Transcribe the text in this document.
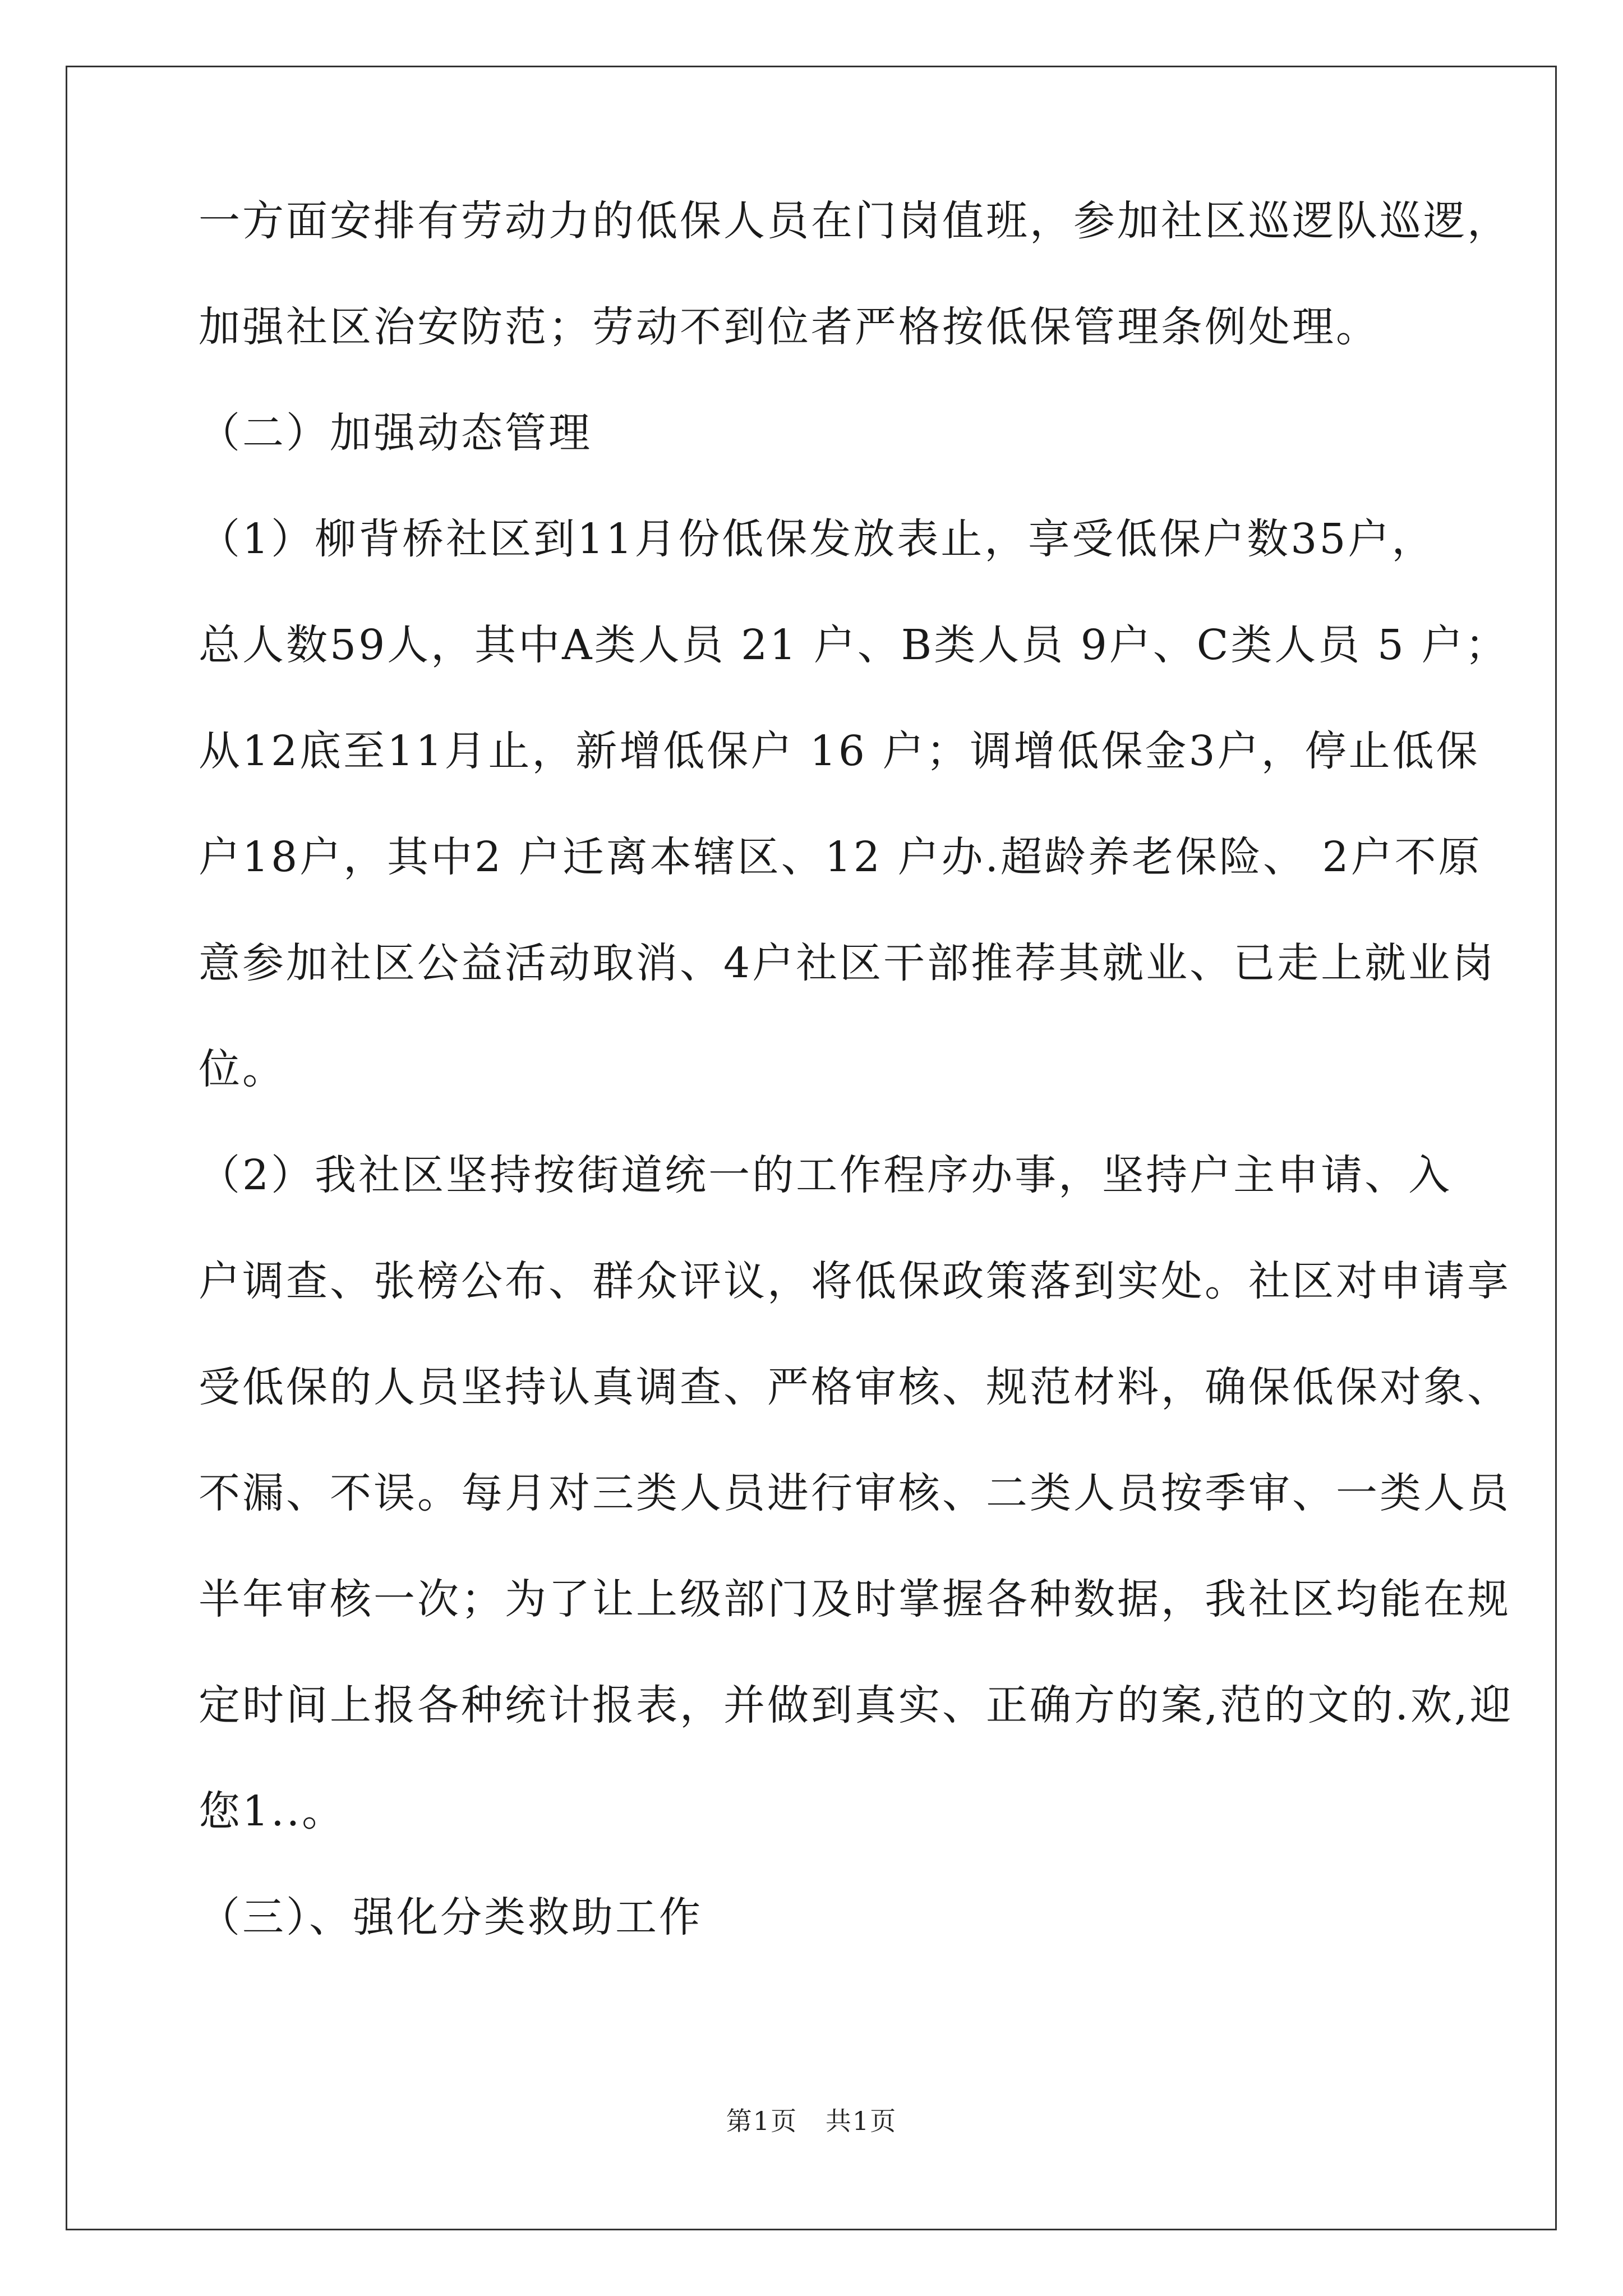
一方面安排有劳动力的低保人员在门岗值班，参加社区巡逻队巡逻，
加强社区治安防范；劳动不到位者严格按低保管理条例处理。
（二）加强动态管理
（1）柳背桥社区到11月份低保发放表止，享受低保户数35户，
总人数59人，其中A类人员 21 户、B类人员 9户、C类人员 5 户；
从12底至11月止，新增低保户 16 户；调增低保金3户，停止低保
户18户，其中2 户迁离本辖区、12 户办.超龄养老保险、 2户不原
意参加社区公益活动取消、4户社区干部推荐其就业、已走上就业岗
位。
（2）我社区坚持按街道统一的工作程序办事，坚持户主申请、入
户调查、张榜公布、群众评议，将低保政策落到实处。社区对申请享
受低保的人员坚持认真调查、严格审核、规范材料，确保低保对象、
不漏、不误。每月对三类人员进行审核、二类人员按季审、一类人员
半年审核一次；为了让上级部门及时掌握各种数据，我社区均能在规
定时间上报各种统计报表，并做到真实、正确方的案,范的文的.欢,迎
您1..。
（三）、强化分类救助工作
第1页   共1页
